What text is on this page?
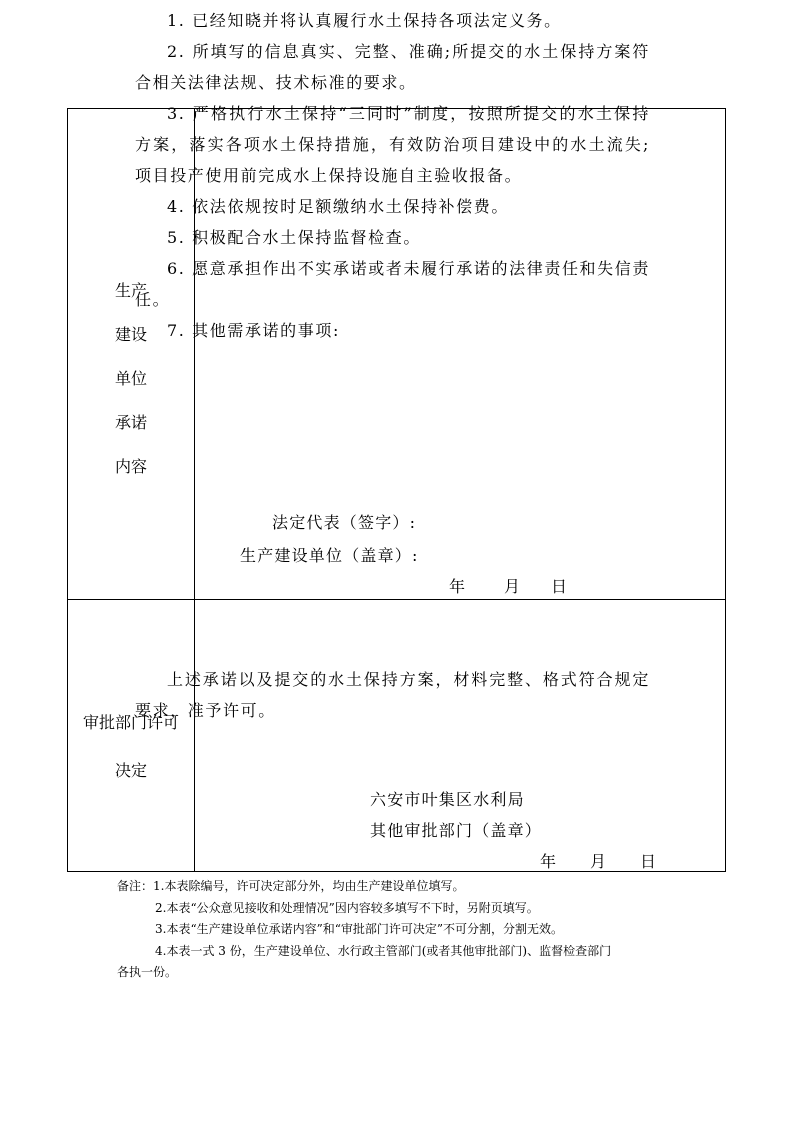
生产
建设
单位
承诺
内容
审批部门许可
决定

1. 已经知晓并将认真履行水土保持各项法定义务。

2. 所填写的信息真实、完整、准确;所提交的水土保持方案符合相关法律法规、技术标准的要求。

3. 严格执行水土保持“三同时”制度，按照所提交的水土保持方案，落实各项水土保持措施，有效防治项目建设中的水土流失;项目投产使用前完成水上保持设施自主验收报备。

4. 依法依规按时足额缴纳水土保持补偿费。

5. 积极配合水土保持监督检查。

6. 愿意承担作出不实承诺或者未履行承诺的法律责任和失信责任。

7. 其他需承诺的事项:

法定代表（签字）:
生产建设单位（盖章）:
年 月 日

上述承诺以及提交的水土保持方案，材料完整、格式符合规定要求，准予许可。

六安市叶集区水利局
其他审批部门（盖章）
年 月 日
备注：1.本表除编号，许可决定部分外，均由生产建设单位填写。
2.本表“公众意见接收和处理情况”因内容较多填写不下时，另附页填写。
3.本表“生产建设单位承诺内容”和“审批部门许可决定”不可分割，分割无效。
4.本表一式 3 份，生产建设单位、水行政主管部门(或者其他审批部门)、监督检查部门
各执一份。
